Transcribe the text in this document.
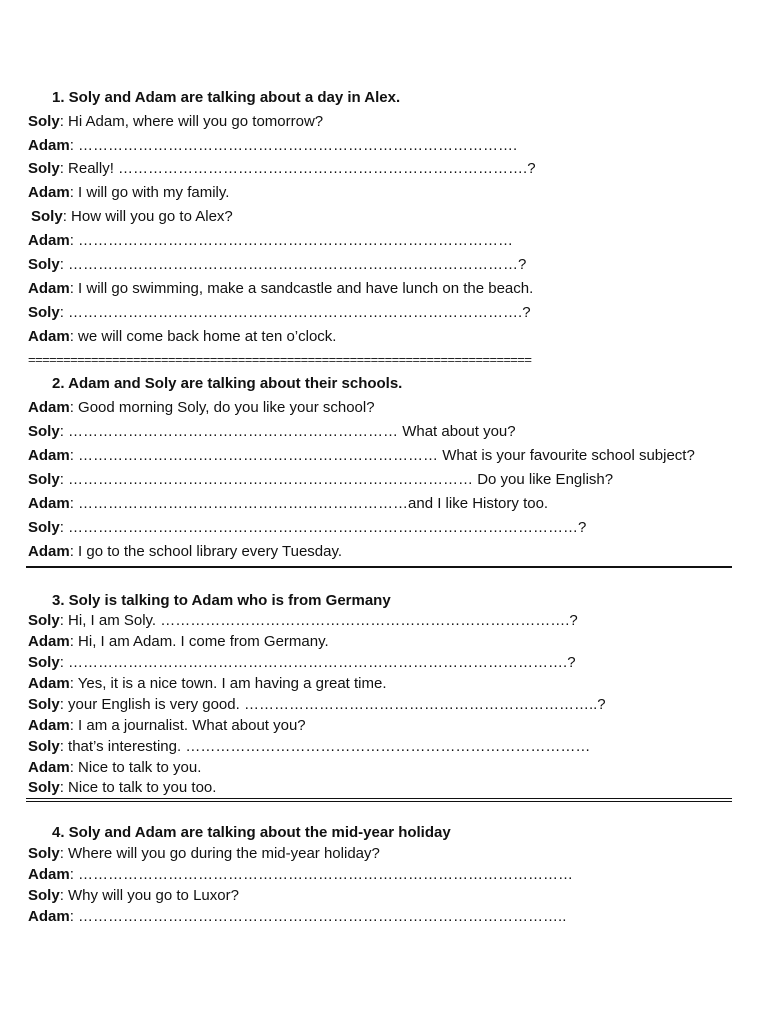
1. Soly and Adam are talking about a day in Alex.
Soly: Hi Adam, where will you go tomorrow?
Adam: …………………………………………………………………………….
Soly: Really! ……………………………………………………………………….?
Adam: I will go with my family.
Soly: How will you go to Alex?
Adam: ……………………………………………………………………………
Soly: ………………………………………………………………………………?
Adam: I will go swimming, make a sandcastle and have lunch on the beach.
Soly: ……………………………………………………………………………….?
Adam: we will come back home at ten o’clock.
========================================================================
2. Adam and Soly are talking about their schools.
Adam: Good morning Soly, do you like your school?
Soly: ………………………………………………………… What about you?
Adam: ……………………………………………………………… What is your favourite school subject?
Soly: ……………………………………………………………………… Do you like English?
Adam: …………………………………………………………and I like History too.
Soly: …………………………………………………………………………………………?
Adam: I go to the school library every Tuesday.
3. Soly is talking to Adam who is from Germany
Soly: Hi, I am Soly. ……………………………………………………………………….?
Adam: Hi, I am Adam. I come from Germany.
Soly: ……………………………………………………………………………………….?
Adam: Yes, it is a nice town. I am having a great time.
Soly: your English is very good. ……………………………………………………………..?
Adam: I am a journalist. What about you?
Soly: that’s interesting. ………………………………………………………………………
Adam: Nice to talk to you.
Soly: Nice to talk to you too.
4. Soly and Adam are talking about the mid-year holiday
Soly: Where will you go during the mid-year holiday?
Adam: ………………………………………………………………………………………
Soly: Why will you go to Luxor?
Adam: ……………………………………………………………………………………..
